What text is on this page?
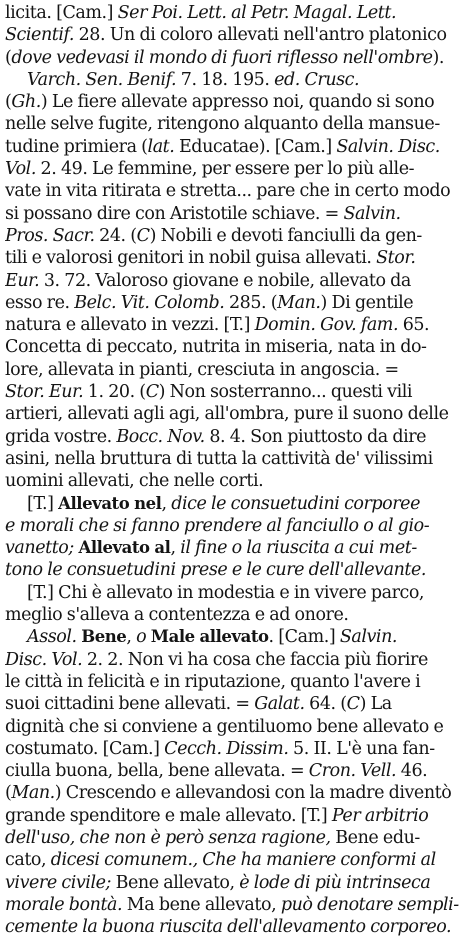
licita. [Cam.] Ser Poi. Lett. al Petr. Magal. Lett.
Scientif. 28. Un di coloro allevati nell'antro platonico
(dove vedevasi il mondo di fuori riflesso nell'ombre).
Varch. Sen. Benif. 7. 18. 195. ed. Crusc.
(Gh.) Le fiere allevate appresso noi, quando si sono
nelle selve fugite, ritengono alquanto della mansue-
tudine primiera (lat. Educatae). [Cam.] Salvin. Disc.
Vol. 2. 49. Le femmine, per essere per lo più alle-
vate in vita ritirata e stretta... pare che in certo modo
si possano dire con Aristotile schiave. = Salvin.
Pros. Sacr. 24. (C) Nobili e devoti fanciulli da gen-
tili e valorosi genitori in nobil guisa allevati. Stor.
Eur. 3. 72. Valoroso giovane e nobile, allevato da
esso re. Belc. Vit. Colomb. 285. (Man.) Di gentile
natura e allevato in vezzi. [T.] Domin. Gov. fam. 65.
Concetta di peccato, nutrita in miseria, nata in do-
lore, allevata in pianti, cresciuta in angoscia. =
Stor. Eur. 1. 20. (C) Non sosterranno... questi vili
artieri, allevati agli agi, all'ombra, pure il suono delle
grida vostre. Bocc. Nov. 8. 4. Son piuttosto da dire
asini, nella bruttura di tutta la cattività de' vilissimi
uomini allevati, che nelle corti.
[T.] Allevato nel, dice le consuetudini corporee
e morali che si fanno prendere al fanciullo o al gio-
vanetto; Allevato al, il fine o la riuscita a cui met-
tono le consuetudini prese e le cure dell'allevante.
[T.] Chi è allevato in modestia e in vivere parco,
meglio s'alleva a contentezza e ad onore.
Assol. Bene, o Male allevato. [Cam.] Salvin.
Disc. Vol. 2. 2. Non vi ha cosa che faccia più fiorire
le città in felicità e in riputazione, quanto l'avere i
suoi cittadini bene allevati. = Galat. 64. (C) La
dignità che si conviene a gentiluomo bene allevato e
costumato. [Cam.] Cecch. Dissim. 5. II. L'è una fan-
ciulla buona, bella, bene allevata. = Cron. Vell. 46.
(Man.) Crescendo e allevandosi con la madre diventò
grande spenditore e male allevato. [T.] Per arbitrio
dell'uso, che non è però senza ragione, Bene edu-
cato, dicesi comunem., Che ha maniere conformi al
vivere civile; Bene allevato, è lode di più intrinseca
morale bontà. Ma bene allevato, può denotare sempli-
cemente la buona riuscita dell'allevamento corporeo.
